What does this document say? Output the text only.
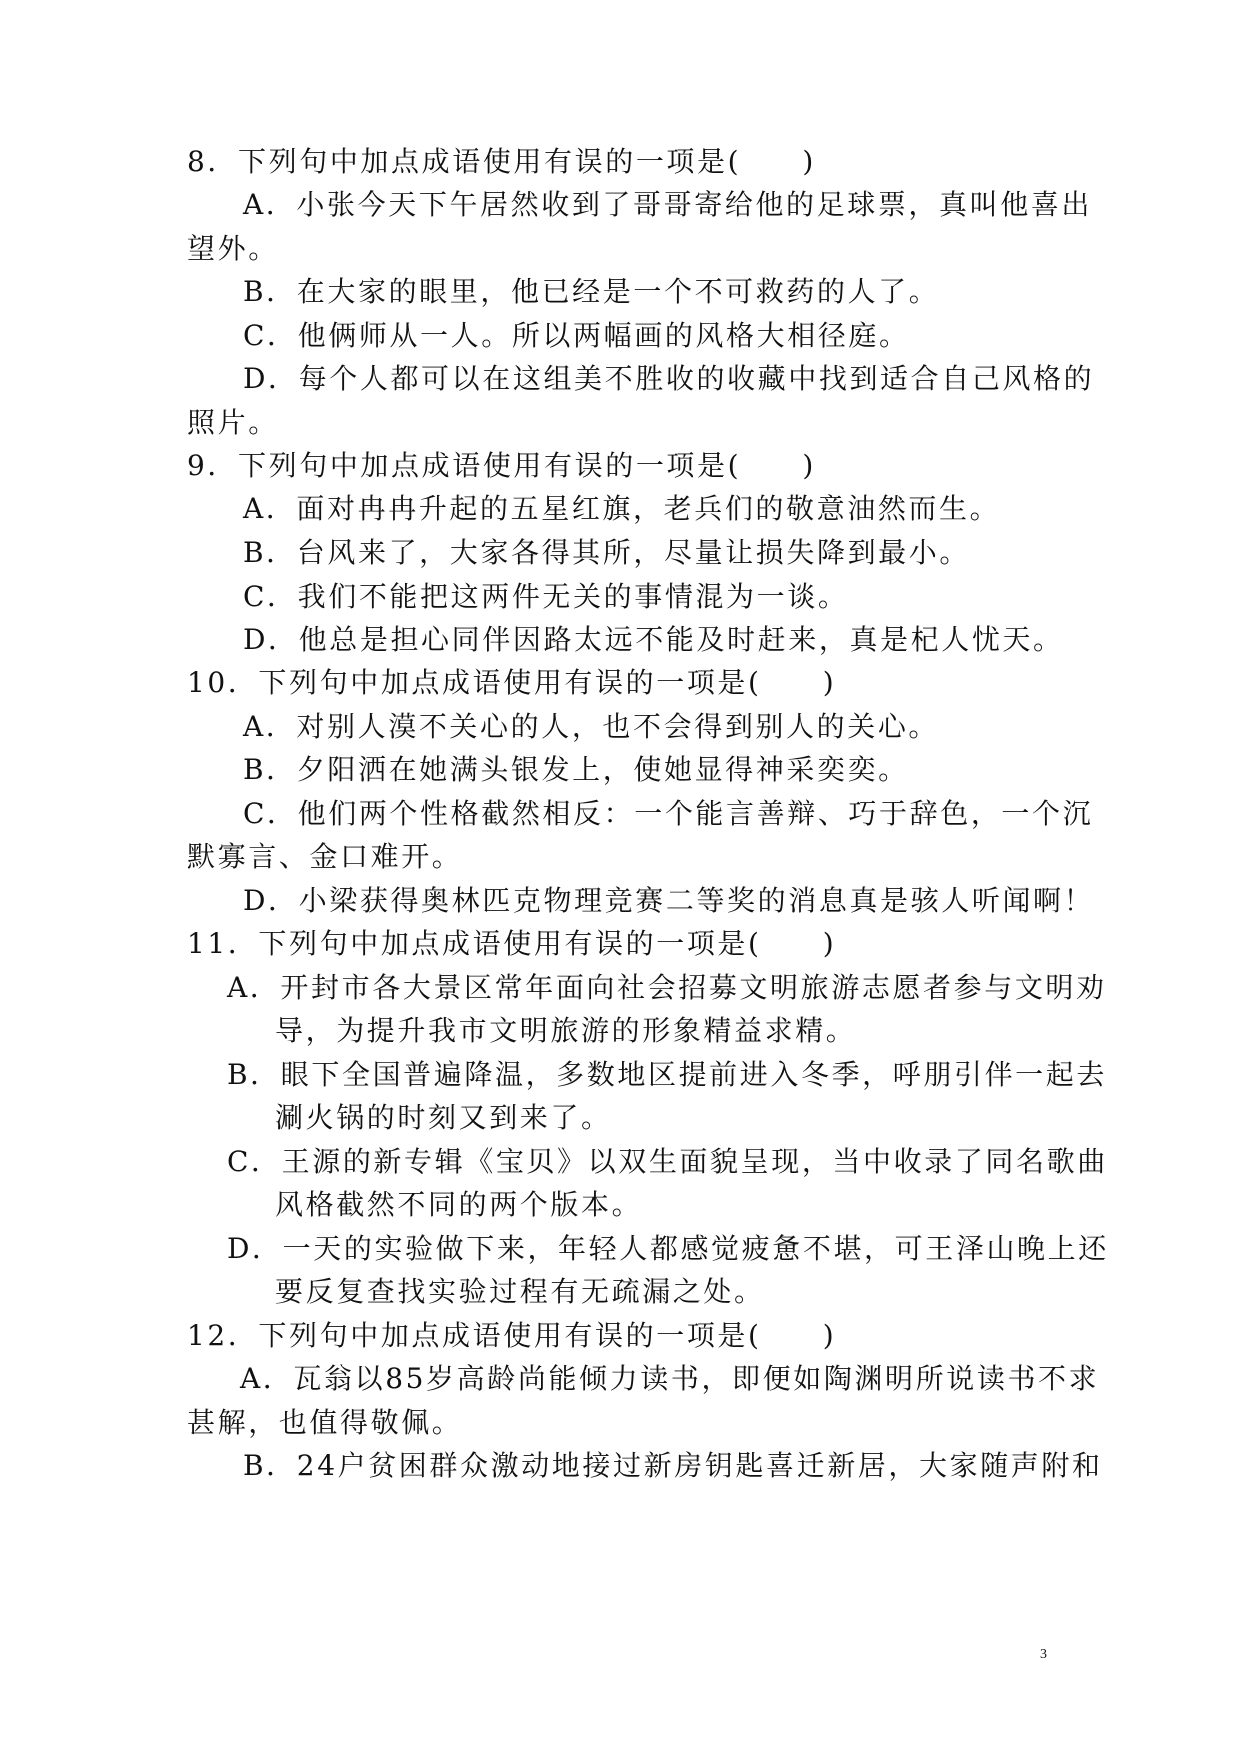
8．下列句中加点成语使用有误的一项是(　　)
A．小张今天下午居然收到了哥哥寄给他的足球票，真叫他喜出
望外。
B．在大家的眼里，他已经是一个不可救药的人了。
C．他俩师从一人。所以两幅画的风格大相径庭。
D．每个人都可以在这组美不胜收的收藏中找到适合自己风格的
照片。
9．下列句中加点成语使用有误的一项是(　　)
A．面对冉冉升起的五星红旗，老兵们的敬意油然而生。
B．台风来了，大家各得其所，尽量让损失降到最小。
C．我们不能把这两件无关的事情混为一谈。
D．他总是担心同伴因路太远不能及时赶来，真是杞人忧天。
10．下列句中加点成语使用有误的一项是(　　)
A．对别人漠不关心的人，也不会得到别人的关心。
B．夕阳洒在她满头银发上，使她显得神采奕奕。
C．他们两个性格截然相反：一个能言善辩、巧于辞色，一个沉
默寡言、金口难开。
D．小梁获得奥林匹克物理竞赛二等奖的消息真是骇人听闻啊！
11．下列句中加点成语使用有误的一项是(　　)
A．开封市各大景区常年面向社会招募文明旅游志愿者参与文明劝
导，为提升我市文明旅游的形象精益求精。
B．眼下全国普遍降温，多数地区提前进入冬季，呼朋引伴一起去
涮火锅的时刻又到来了。
C．王源的新专辑《宝贝》以双生面貌呈现，当中收录了同名歌曲
风格截然不同的两个版本。
D．一天的实验做下来，年轻人都感觉疲惫不堪，可王泽山晚上还
要反复查找实验过程有无疏漏之处。
12．下列句中加点成语使用有误的一项是(　　)
A．瓦翁以85岁高龄尚能倾力读书，即便如陶渊明所说读书不求
甚解，也值得敬佩。
B．24户贫困群众激动地接过新房钥匙喜迁新居，大家随声附和
3
